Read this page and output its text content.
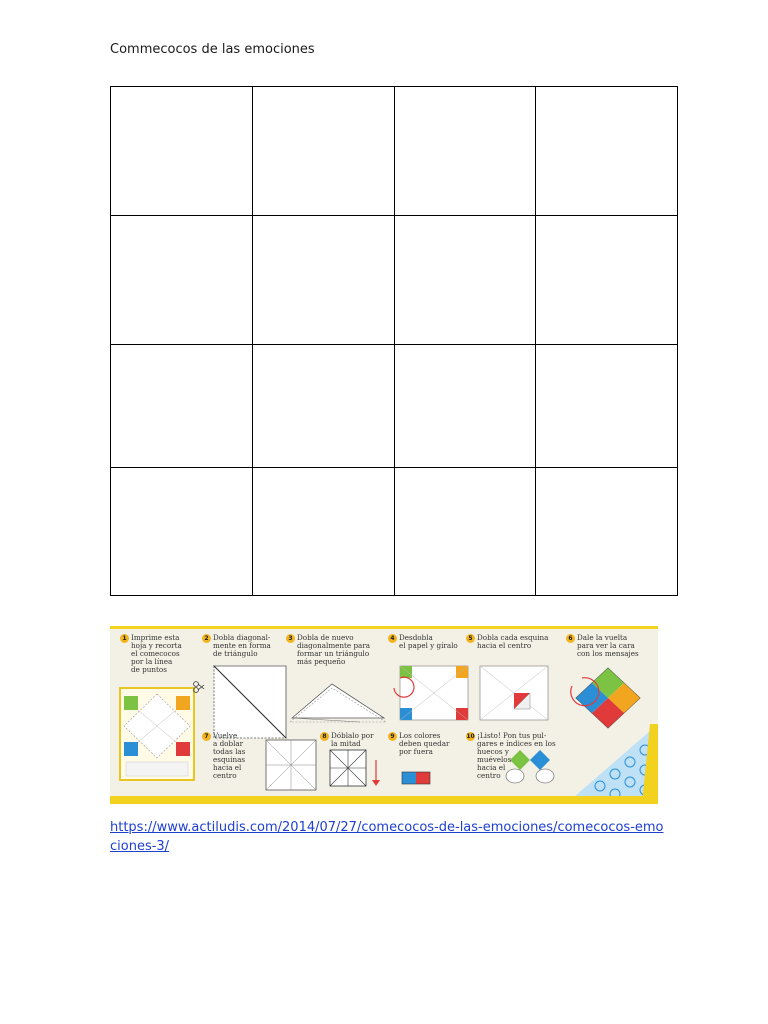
Commecocos de las emociones

1 Imprime esta
hoja y recorta
el comecocos
por la línea
de puntos
2 Dobla diagonal-
mente en forma
de triángulo
3 Dobla de nuevo
diagonalmente para
formar un triángulo
más pequeño
4 Desdobla
el papel y gíralo
5 Dobla cada esquina
hacia el centro
6 Dale la vuelta
para ver la cara
con los mensajes
7 Vuelve
a doblar
todas las
esquinas
hacia el
centro
8 Dóblalo por
la mitad
9 Los colores
deben quedar
por fuera
10 ¡Listo! Pon tus pul-
gares e índices en los
huecos y
muévelos
hacia el
centro
https://www.actiludis.com/2014/07/27/comecocos-de-las-emociones/comecocos-emociones-3/
